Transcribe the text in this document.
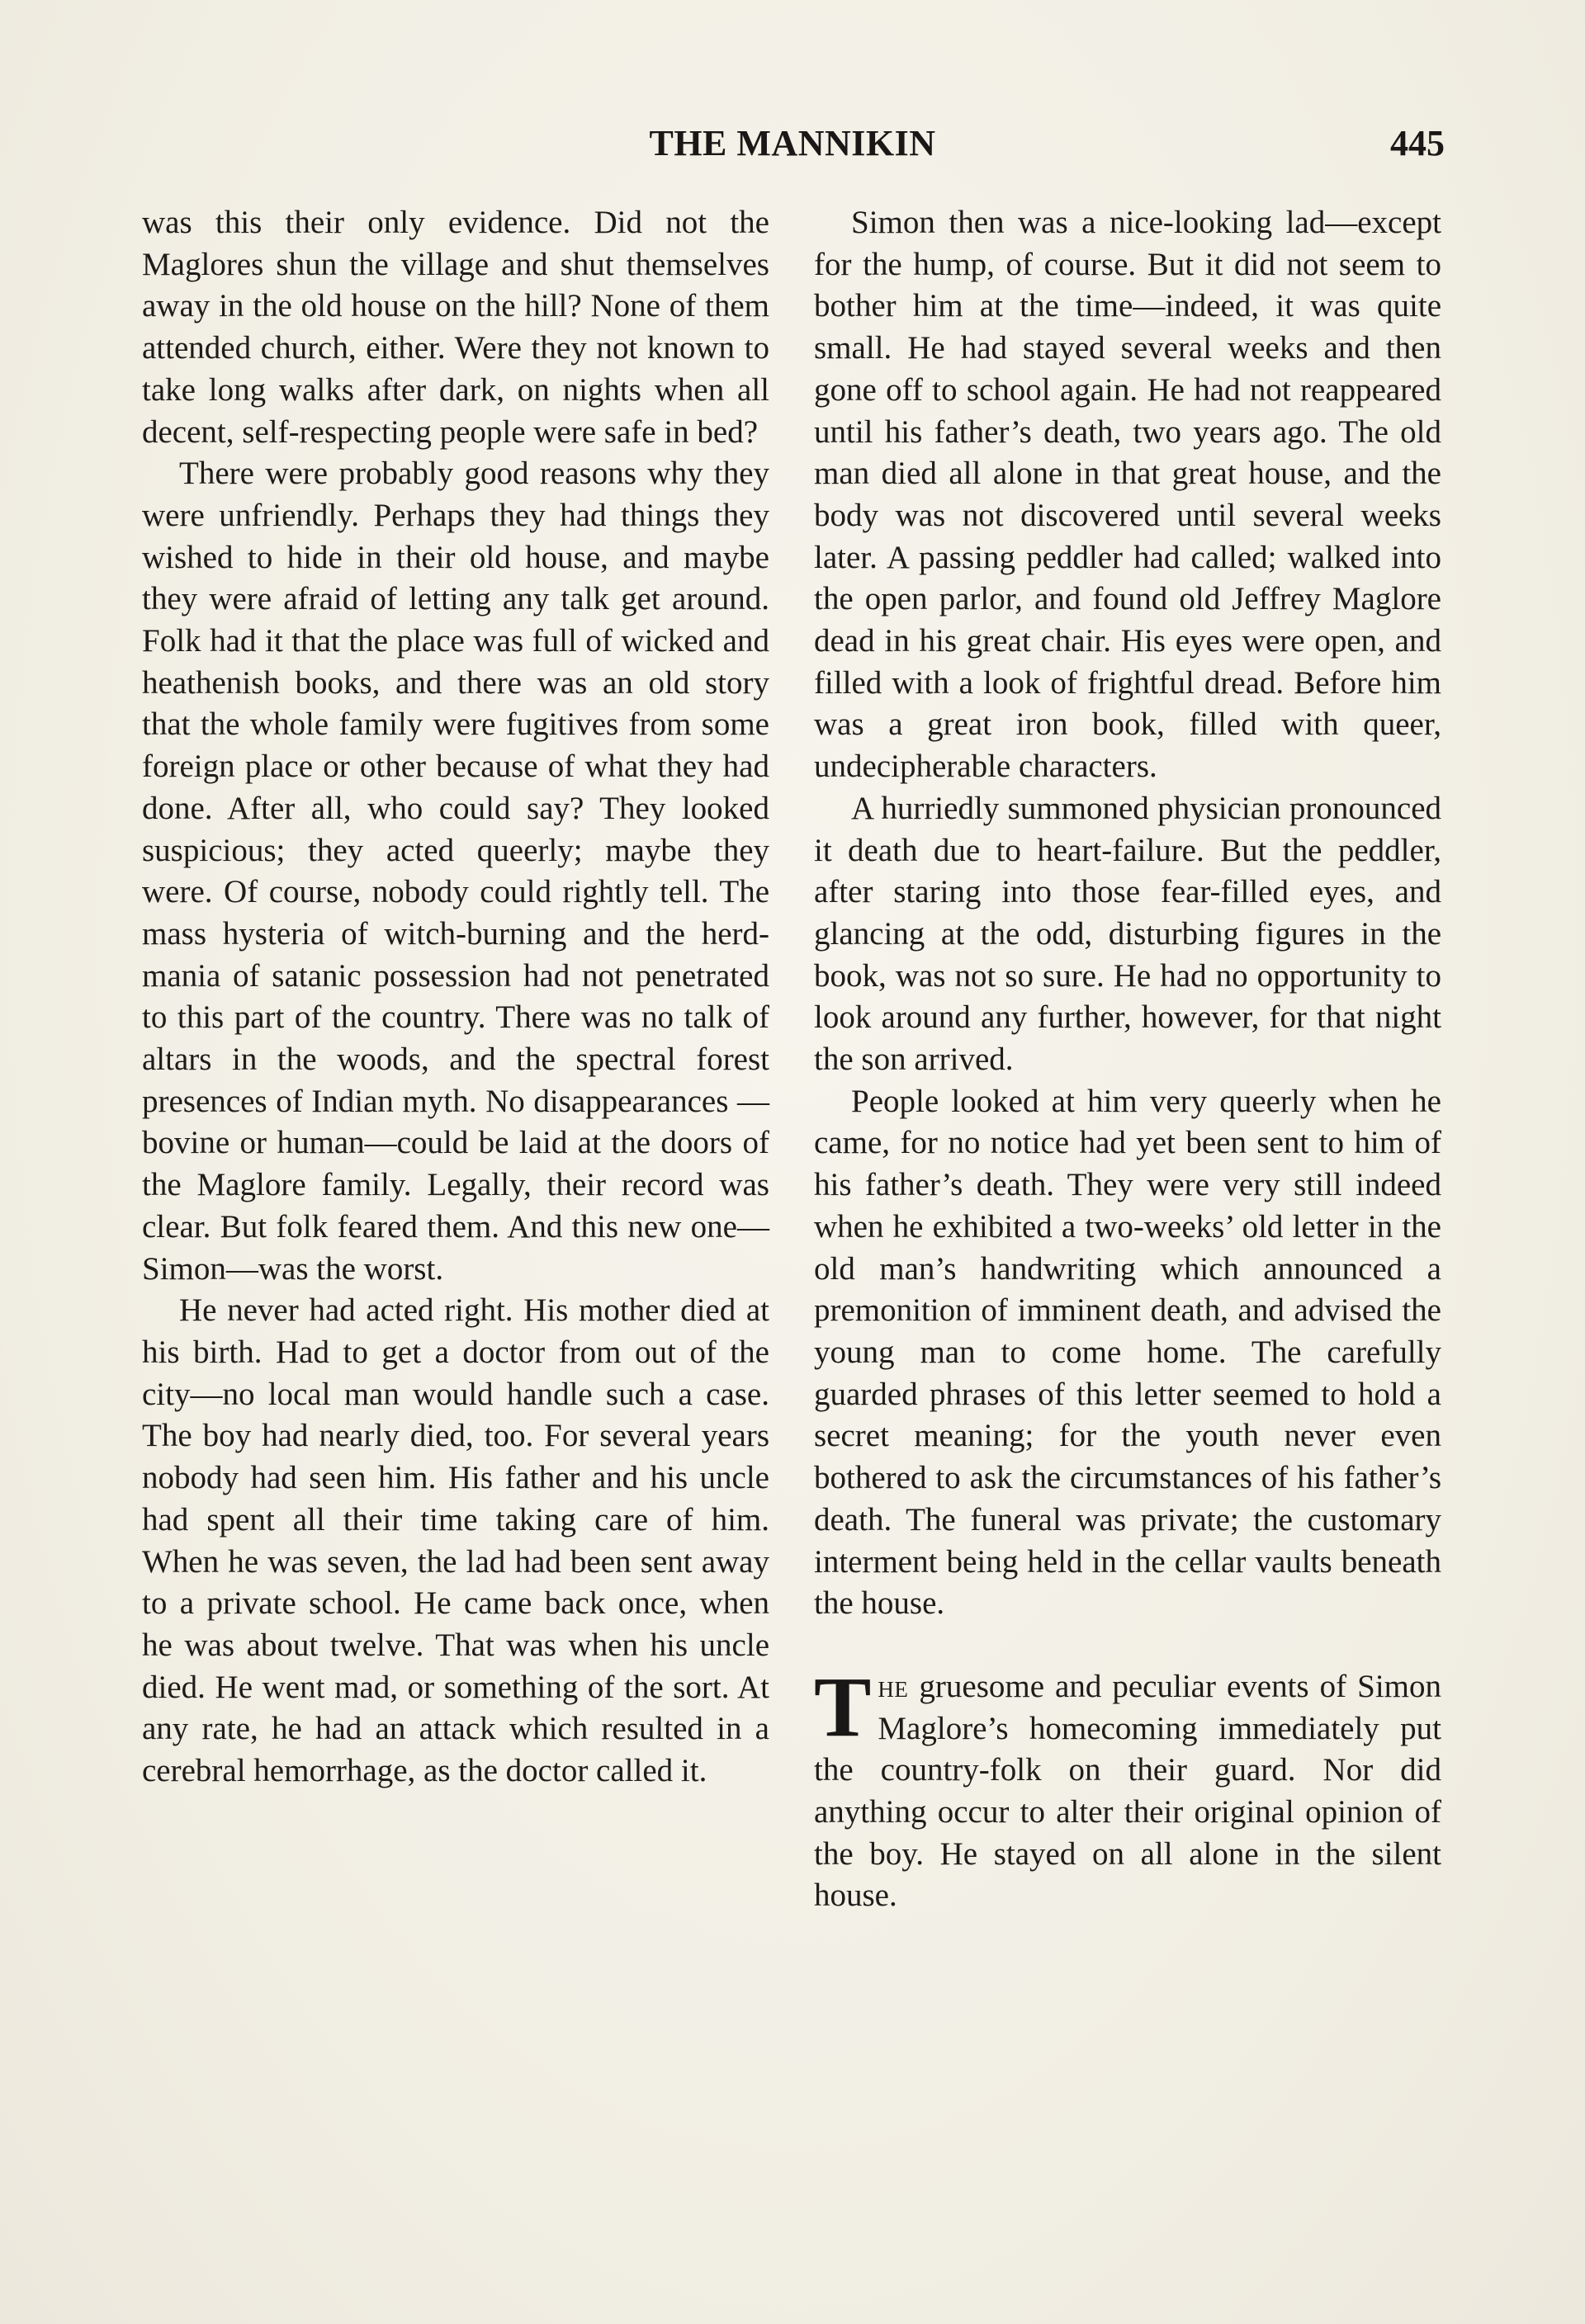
THE MANNIKIN	445

was this their only evidence. Did not the Maglores shun the village and shut themselves away in the old house on the hill? None of them attended church, either. Were they not known to take long walks after dark, on nights when all decent, self-respecting people were safe in bed?

There were probably good reasons why they were unfriendly. Perhaps they had things they wished to hide in their old house, and maybe they were afraid of letting any talk get around. Folk had it that the place was full of wicked and heathenish books, and there was an old story that the whole family were fugitives from some foreign place or other because of what they had done. After all, who could say? They looked suspicious; they acted queerly; maybe they were. Of course, nobody could rightly tell. The mass hysteria of witch-burning and the herd-mania of satanic possession had not penetrated to this part of the country. There was no talk of altars in the woods, and the spectral forest presences of Indian myth. No disappearances —bovine or human—could be laid at the doors of the Maglore family. Legally, their record was clear. But folk feared them. And this new one—Simon—was the worst.

He never had acted right. His mother died at his birth. Had to get a doctor from out of the city—no local man would handle such a case. The boy had nearly died, too. For several years nobody had seen him. His father and his uncle had spent all their time taking care of him. When he was seven, the lad had been sent away to a private school. He came back once, when he was about twelve. That was when his uncle died. He went mad, or something of the sort. At any rate, he had an attack which resulted in a cerebral hemorrhage, as the doctor called it.

Simon then was a nice-looking lad—except for the hump, of course. But it did not seem to bother him at the time—indeed, it was quite small. He had stayed several weeks and then gone off to school again. He had not reappeared until his father’s death, two years ago. The old man died all alone in that great house, and the body was not discovered until several weeks later. A passing peddler had called; walked into the open parlor, and found old Jeffrey Maglore dead in his great chair. His eyes were open, and filled with a look of frightful dread. Before him was a great iron book, filled with queer, undecipherable characters.

A hurriedly summoned physician pronounced it death due to heart-failure. But the peddler, after staring into those fear-filled eyes, and glancing at the odd, disturbing figures in the book, was not so sure. He had no opportunity to look around any further, however, for that night the son arrived.

People looked at him very queerly when he came, for no notice had yet been sent to him of his father’s death. They were very still indeed when he exhibited a two-weeks’ old letter in the old man’s handwriting which announced a premonition of imminent death, and advised the young man to come home. The carefully guarded phrases of this letter seemed to hold a secret meaning; for the youth never even bothered to ask the circumstances of his father’s death. The funeral was private; the customary interment being held in the cellar vaults beneath the house.

The gruesome and peculiar events of Simon Maglore’s homecoming immediately put the country-folk on their guard. Nor did anything occur to alter their original opinion of the boy. He stayed on all alone in the silent house.
